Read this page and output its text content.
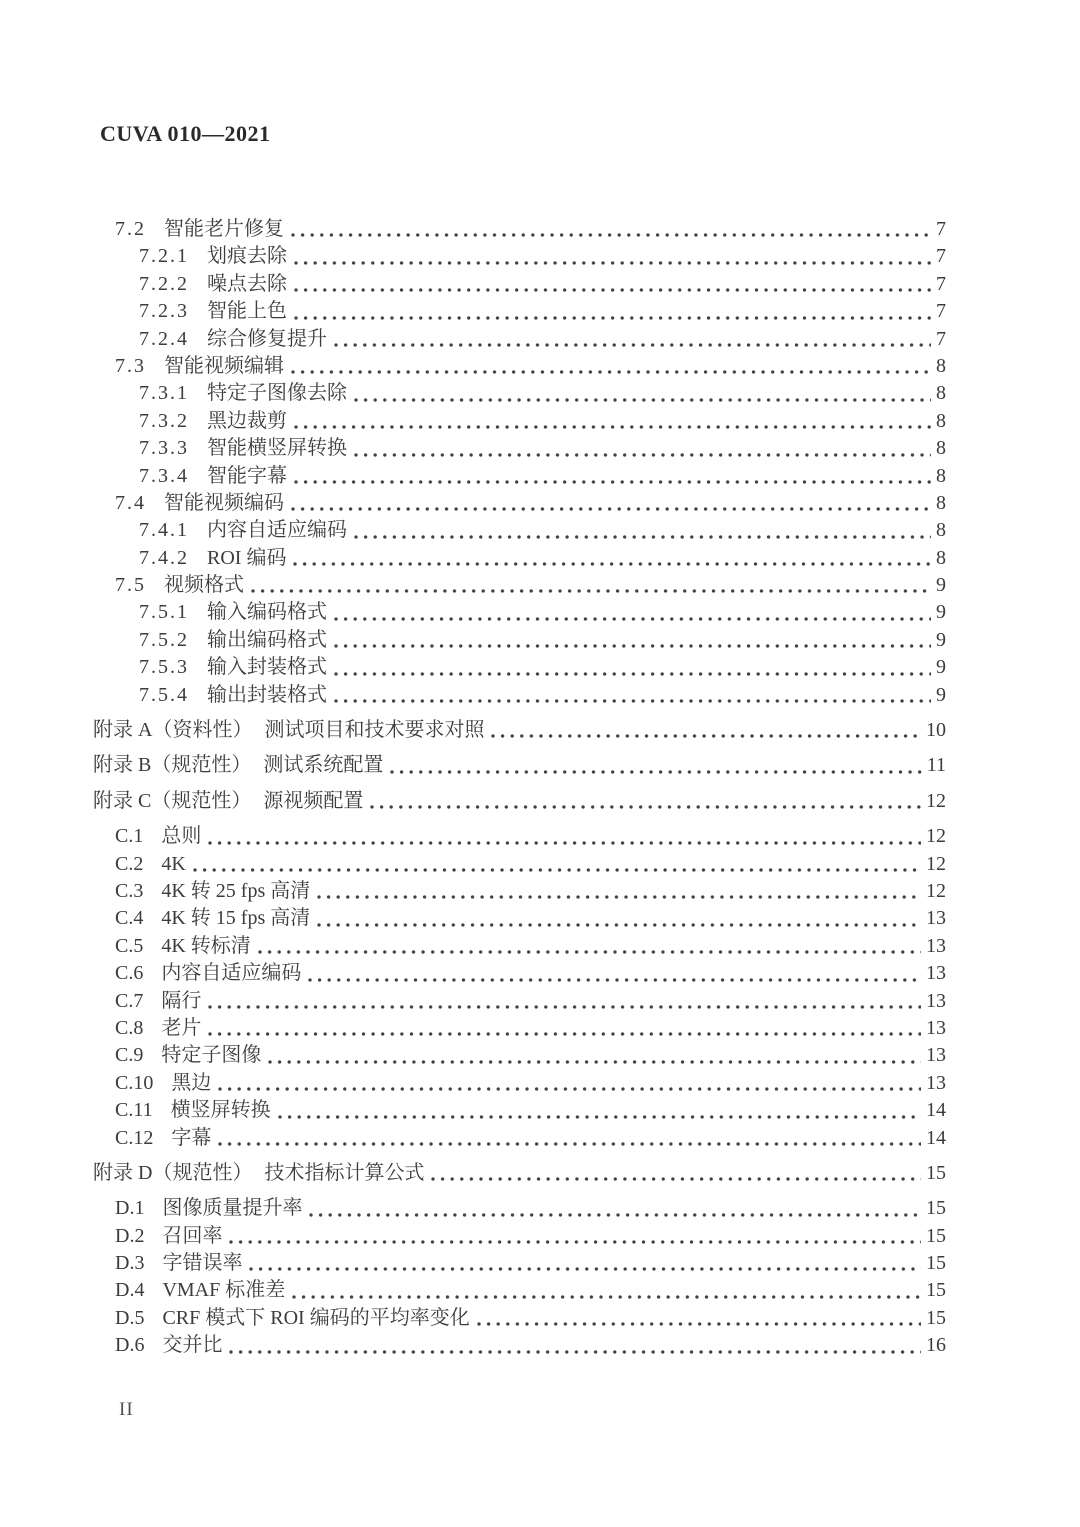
CUVA 010—2021
7.2 智能老片修复	7
7.2.1 划痕去除	7
7.2.2 噪点去除	7
7.2.3 智能上色	7
7.2.4 综合修复提升	7
7.3 智能视频编辑	8
7.3.1 特定子图像去除	8
7.3.2 黑边裁剪	8
7.3.3 智能横竖屏转换	8
7.3.4 智能字幕	8
7.4 智能视频编码	8
7.4.1 内容自适应编码	8
7.4.2 ROI 编码	8
7.5 视频格式	9
7.5.1 输入编码格式	9
7.5.2 输出编码格式	9
7.5.3 输入封装格式	9
7.5.4 输出封装格式	9
附录 A（资料性） 测试项目和技术要求对照	10
附录 B（规范性） 测试系统配置	11
附录 C（规范性） 源视频配置	12
C.1 总则	12
C.2 4K	12
C.3 4K 转 25 fps 高清	12
C.4 4K 转 15 fps 高清	13
C.5 4K 转标清	13
C.6 内容自适应编码	13
C.7 隔行	13
C.8 老片	13
C.9 特定子图像	13
C.10 黑边	13
C.11 横竖屏转换	14
C.12 字幕	14
附录 D（规范性） 技术指标计算公式	15
D.1 图像质量提升率	15
D.2 召回率	15
D.3 字错误率	15
D.4 VMAF 标准差	15
D.5 CRF 模式下 ROI 编码的平均率变化	15
D.6 交并比	16
II
